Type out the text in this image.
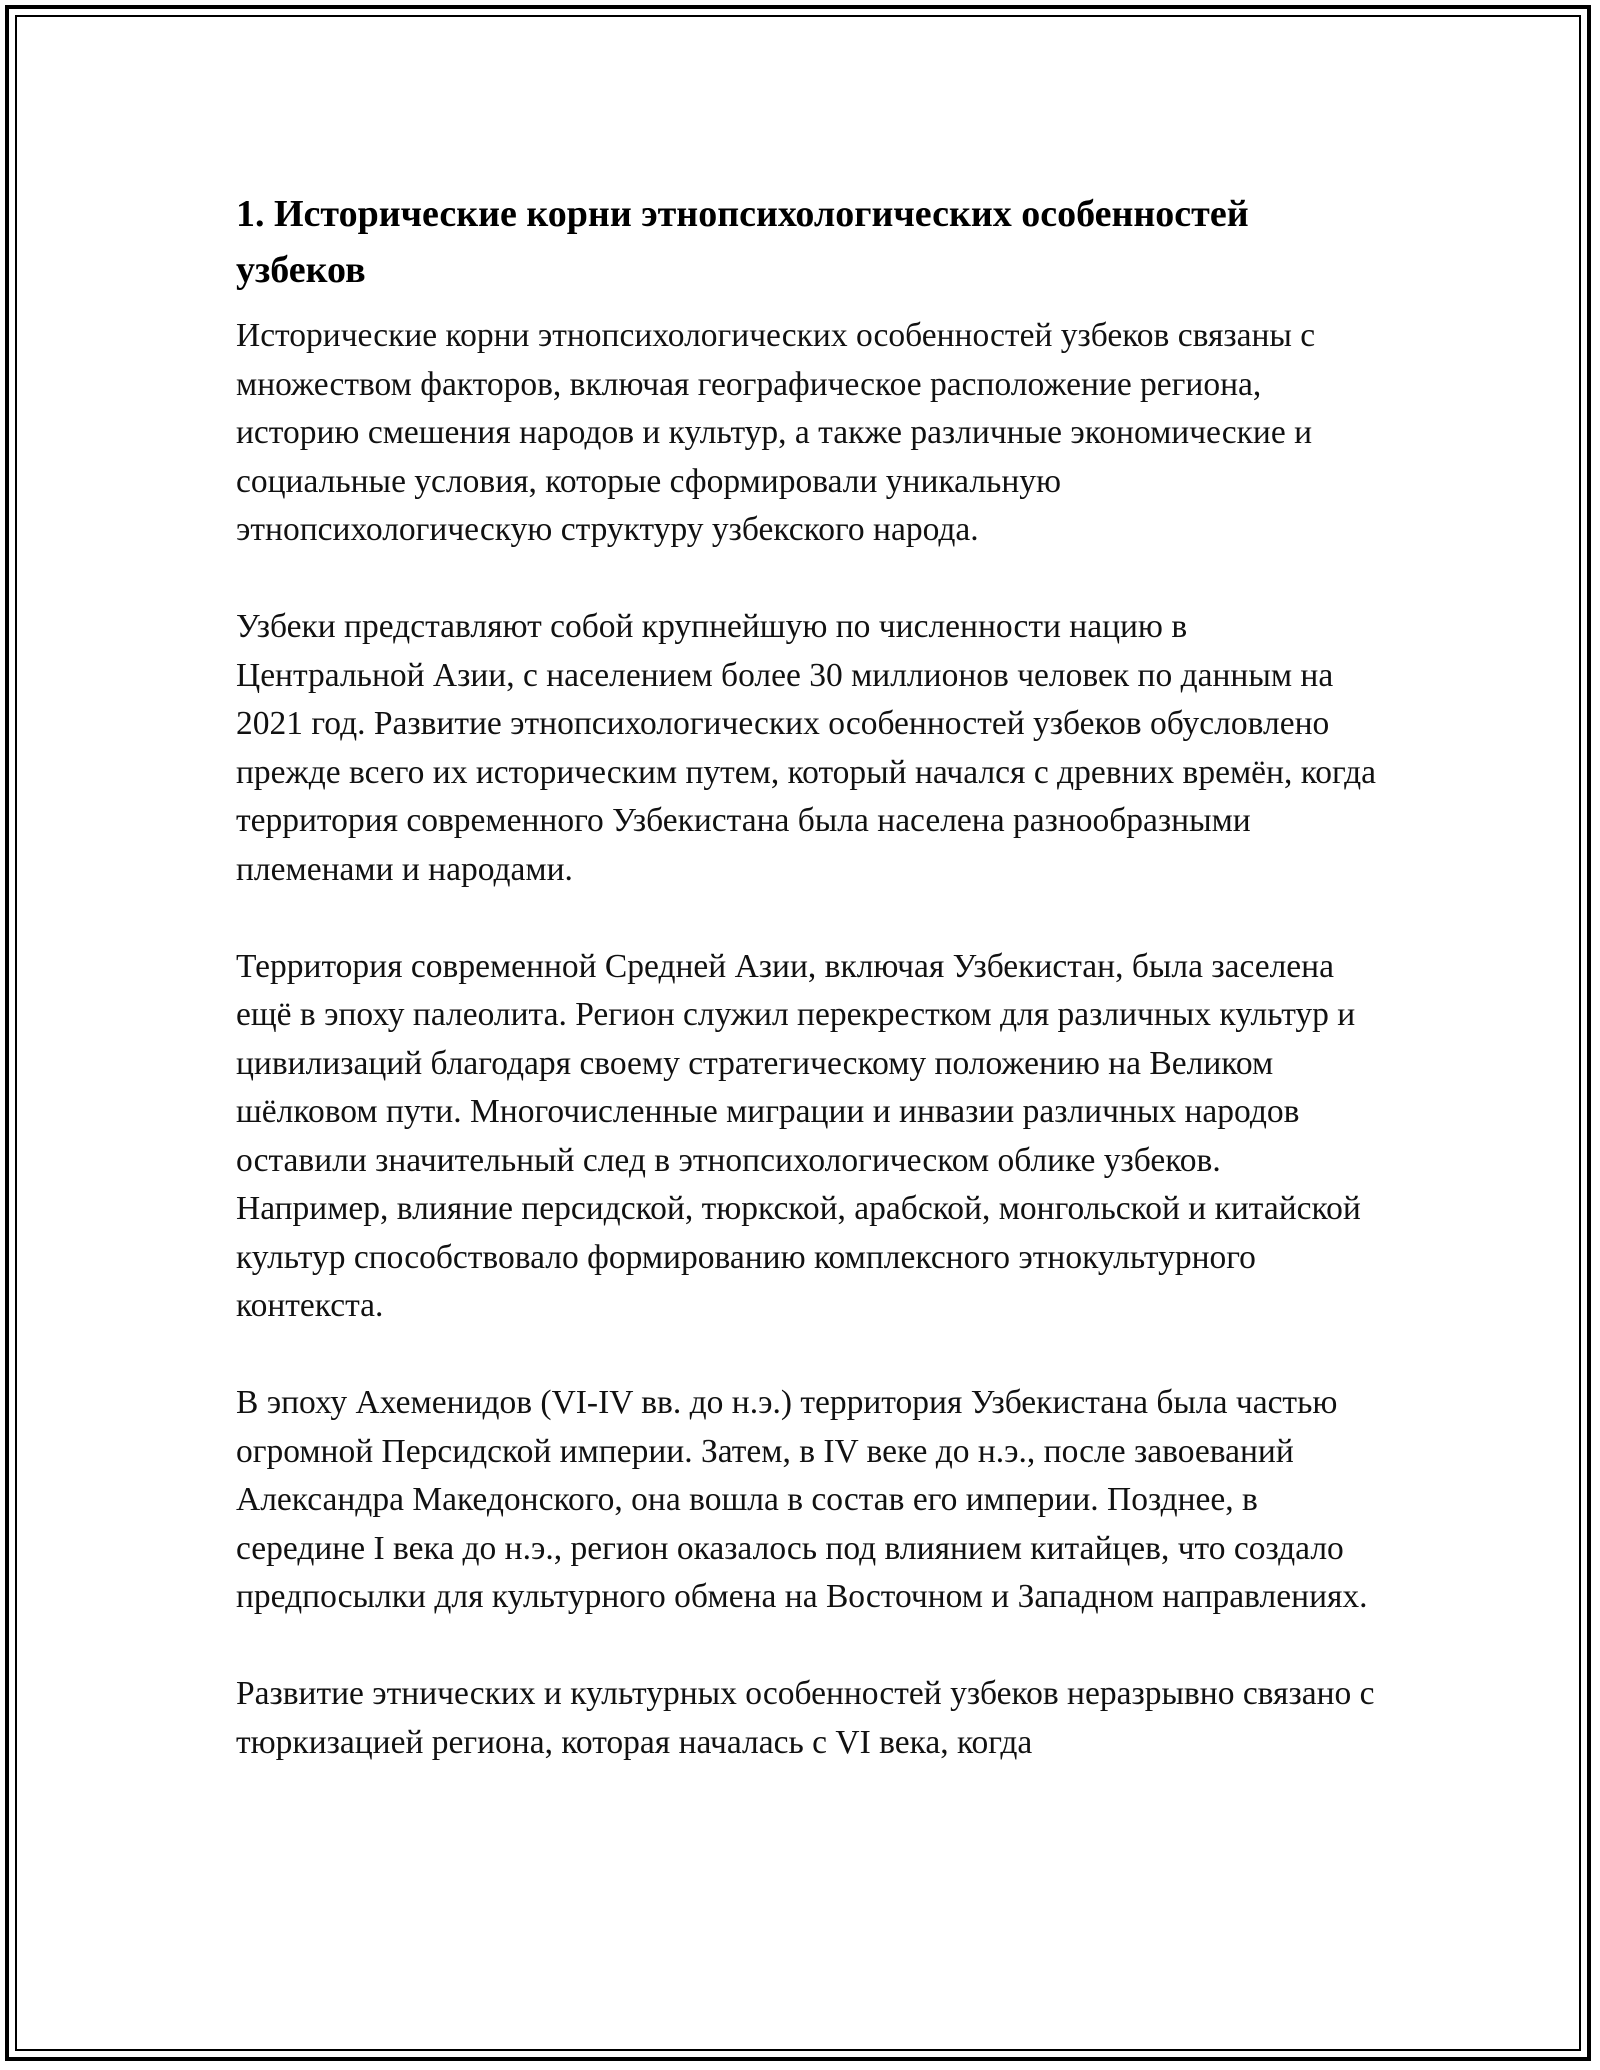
1. Исторические корни этнопсихологических особенностей узбеков

Исторические корни этнопсихологических особенностей узбеков связаны с множеством факторов, включая географическое расположение региона, историю смешения народов и культур, а также различные экономические и социальные условия, которые сформировали уникальную этнопсихологическую структуру узбекского народа.

Узбеки представляют собой крупнейшую по численности нацию в Центральной Азии, с населением более 30 миллионов человек по данным на 2021 год. Развитие этнопсихологических особенностей узбеков обусловлено прежде всего их историческим путем, который начался с древних времён, когда территория современного Узбекистана была населена разнообразными племенами и народами.

Территория современной Средней Азии, включая Узбекистан, была заселена ещё в эпоху палеолита. Регион служил перекрестком для различных культур и цивилизаций благодаря своему стратегическому положению на Великом шёлковом пути. Многочисленные миграции и инвазии различных народов оставили значительный след в этнопсихологическом облике узбеков. Например, влияние персидской, тюркской, арабской, монгольской и китайской культур способствовало формированию комплексного этнокультурного контекста.

В эпоху Ахеменидов (VI-IV вв. до н.э.) территория Узбекистана была частью огромной Персидской империи. Затем, в IV веке до н.э., после завоеваний Александра Македонского, она вошла в состав его империи. Позднее, в середине I века до н.э., регион оказалось под влиянием китайцев, что создало предпосылки для культурного обмена на Восточном и Западном направлениях.

Развитие этнических и культурных особенностей узбеков неразрывно связано с тюркизацией региона, которая началась с VI века, когда
